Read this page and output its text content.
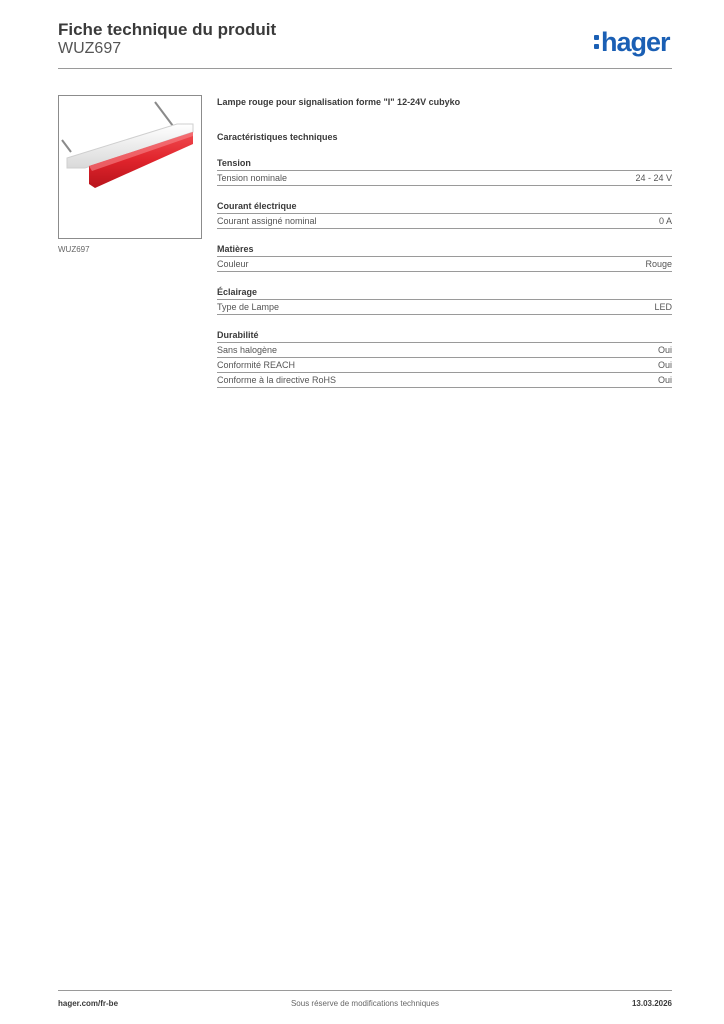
Fiche technique du produit
WUZ697	hager
WUZ697
Lampe rouge pour signalisation forme "I" 12-24V cubyko
Caractéristiques techniques
Tension
Tension nominale	24 - 24 V
Courant électrique
Courant assigné nominal	0 A
Matières
Couleur	Rouge
Éclairage
Type de Lampe	LED
Durabilité
Sans halogène	Oui
Conformité REACH	Oui
Conforme à la directive RoHS	Oui
hager.com/fr-be	Sous réserve de modifications techniques	13.03.2026
